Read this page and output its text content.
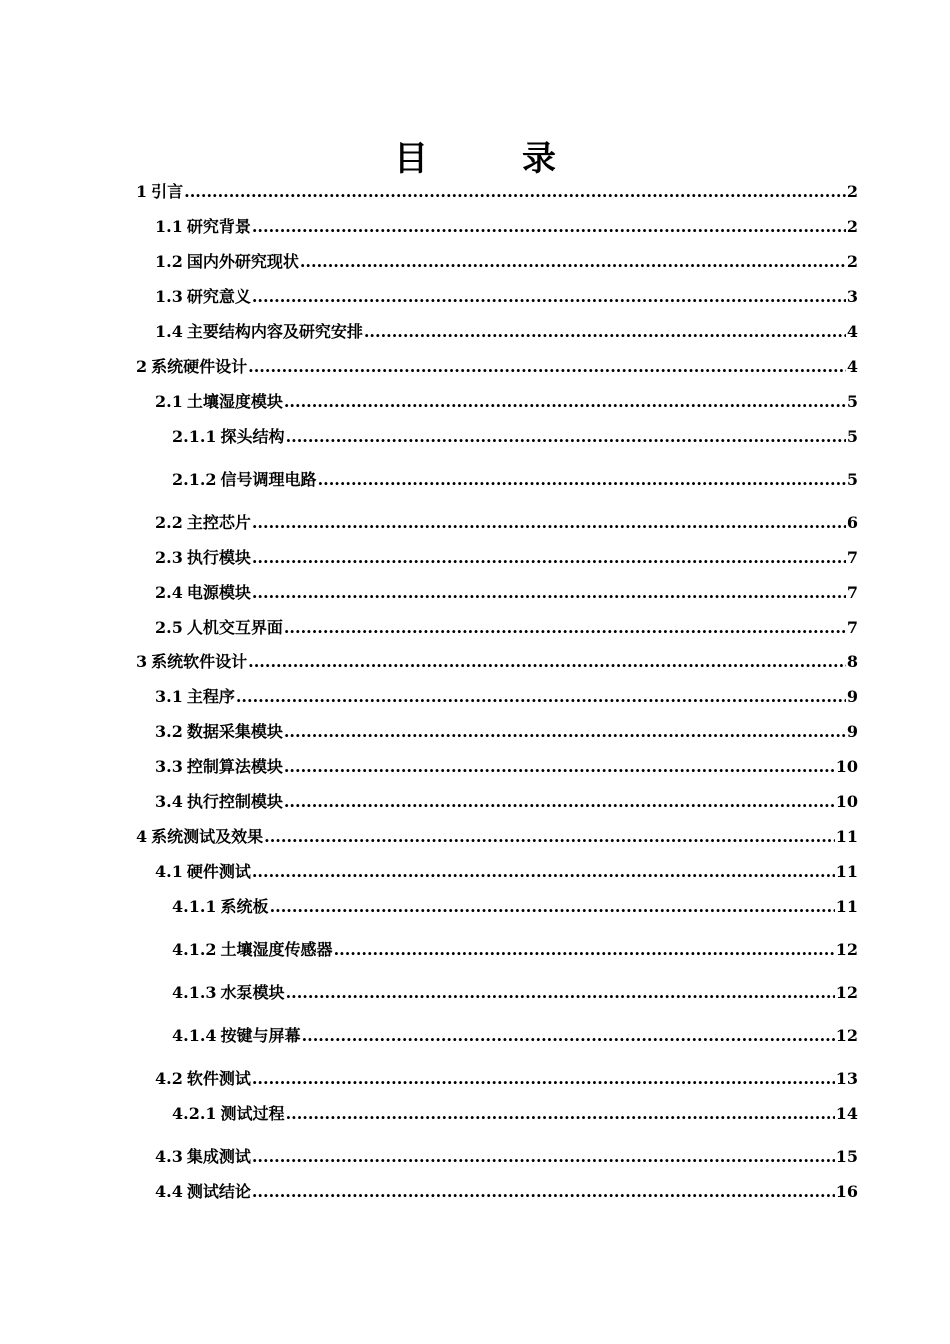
目　录
1 引言 .....	2
1.1 研究背景 .....	2
1.2 国内外研究现状 .....	2
1.3 研究意义 .....	3
1.4 主要结构内容及研究安排 .....	4
2 系统硬件设计 .....	4
2.1 土壤湿度模块 .....	5
2.1.1 探头结构 .....	5
2.1.2 信号调理电路 .....	5
2.2 主控芯片 .....	6
2.3 执行模块 .....	7
2.4 电源模块 .....	7
2.5 人机交互界面 .....	7
3 系统软件设计 .....	8
3.1 主程序 .....	9
3.2 数据采集模块 .....	9
3.3 控制算法模块 .....	10
3.4 执行控制模块 .....	10
4 系统测试及效果 .....	11
4.1 硬件测试 .....	11
4.1.1 系统板 .....	11
4.1.2 土壤湿度传感器 .....	12
4.1.3 水泵模块 .....	12
4.1.4 按键与屏幕 .....	12
4.2 软件测试 .....	13
4.2.1 测试过程 .....	14
4.3 集成测试 .....	15
4.4 测试结论 .....	16
